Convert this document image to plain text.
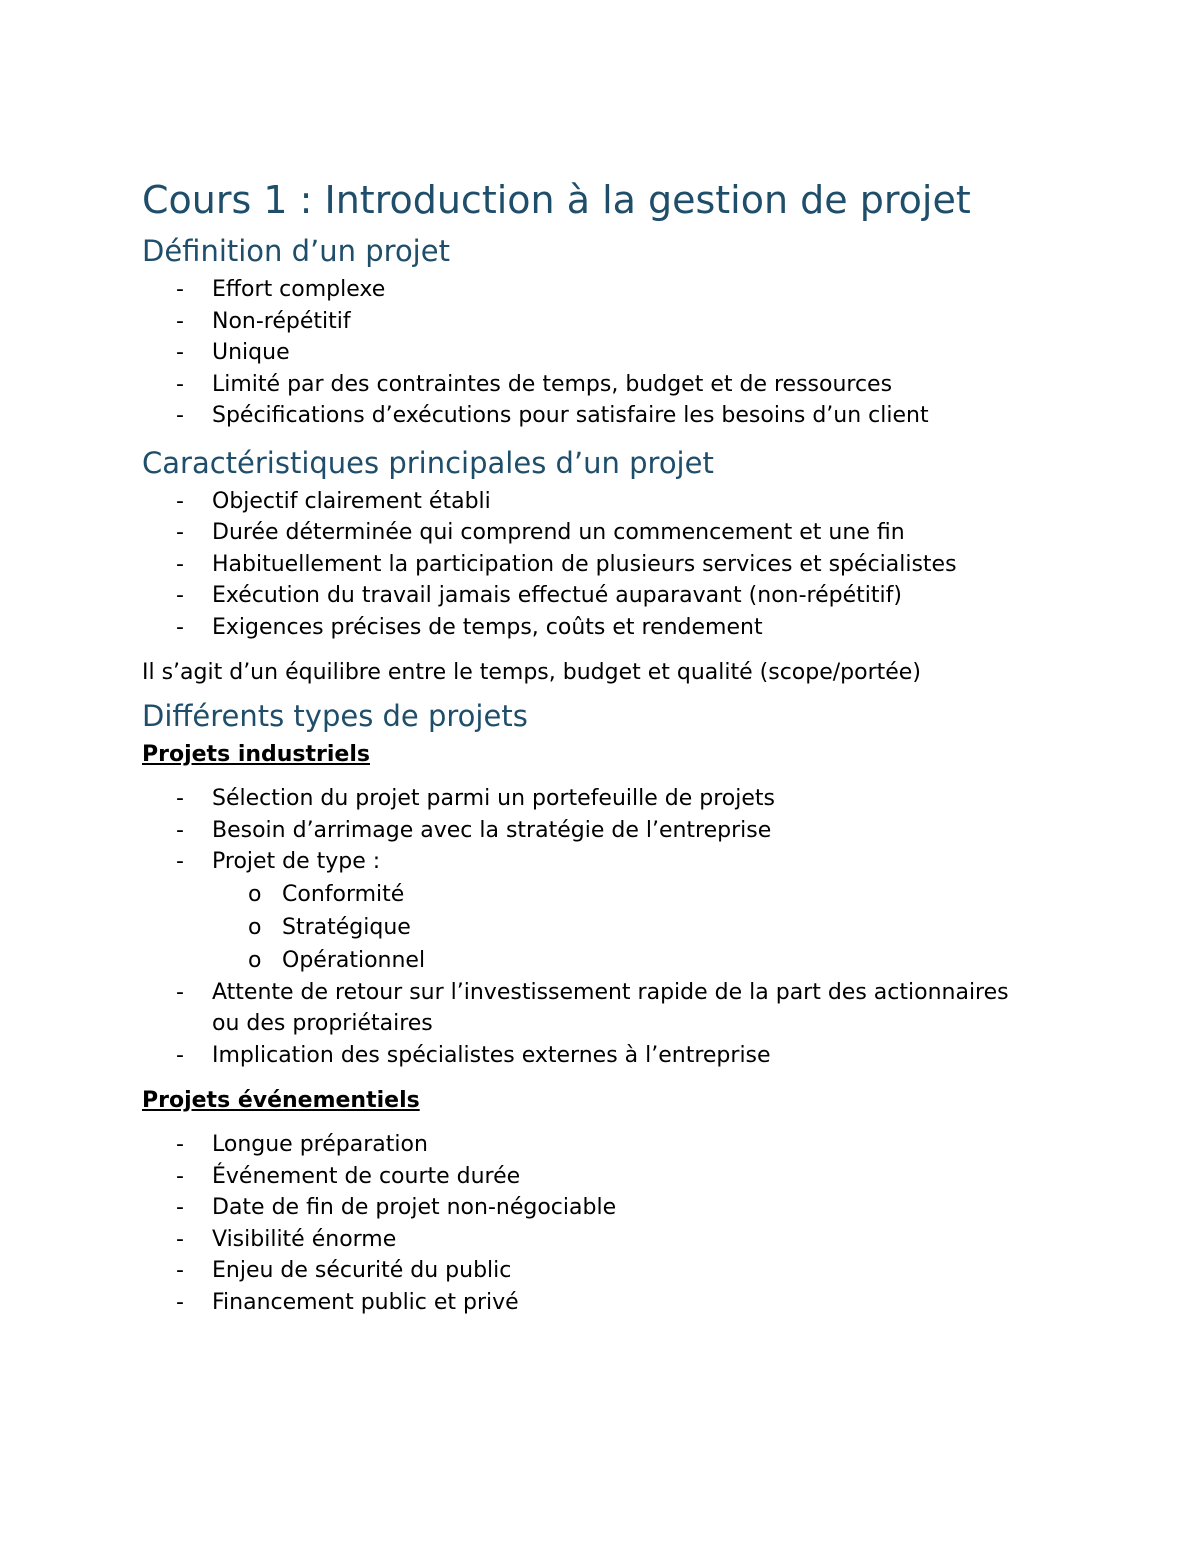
Cours 1 : Introduction à la gestion de projet
Définition d’un projet
- Effort complexe
- Non-répétitif
- Unique
- Limité par des contraintes de temps, budget et de ressources
- Spécifications d’exécutions pour satisfaire les besoins d’un client
Caractéristiques principales d’un projet
- Objectif clairement établi
- Durée déterminée qui comprend un commencement et une fin
- Habituellement la participation de plusieurs services et spécialistes
- Exécution du travail jamais effectué auparavant (non-répétitif)
- Exigences précises de temps, coûts et rendement

Il s’agit d’un équilibre entre le temps, budget et qualité (scope/portée)

Différents types de projets
Projets industriels
- Sélection du projet parmi un portefeuille de projets
- Besoin d’arrimage avec la stratégie de l’entreprise
- Projet de type :
o Conformité
o Stratégique
o Opérationnel
- Attente de retour sur l’investissement rapide de la part des actionnaires ou des propriétaires
- Implication des spécialistes externes à l’entreprise
Projets événementiels
- Longue préparation
- Événement de courte durée
- Date de fin de projet non-négociable
- Visibilité énorme
- Enjeu de sécurité du public
- Financement public et privé
